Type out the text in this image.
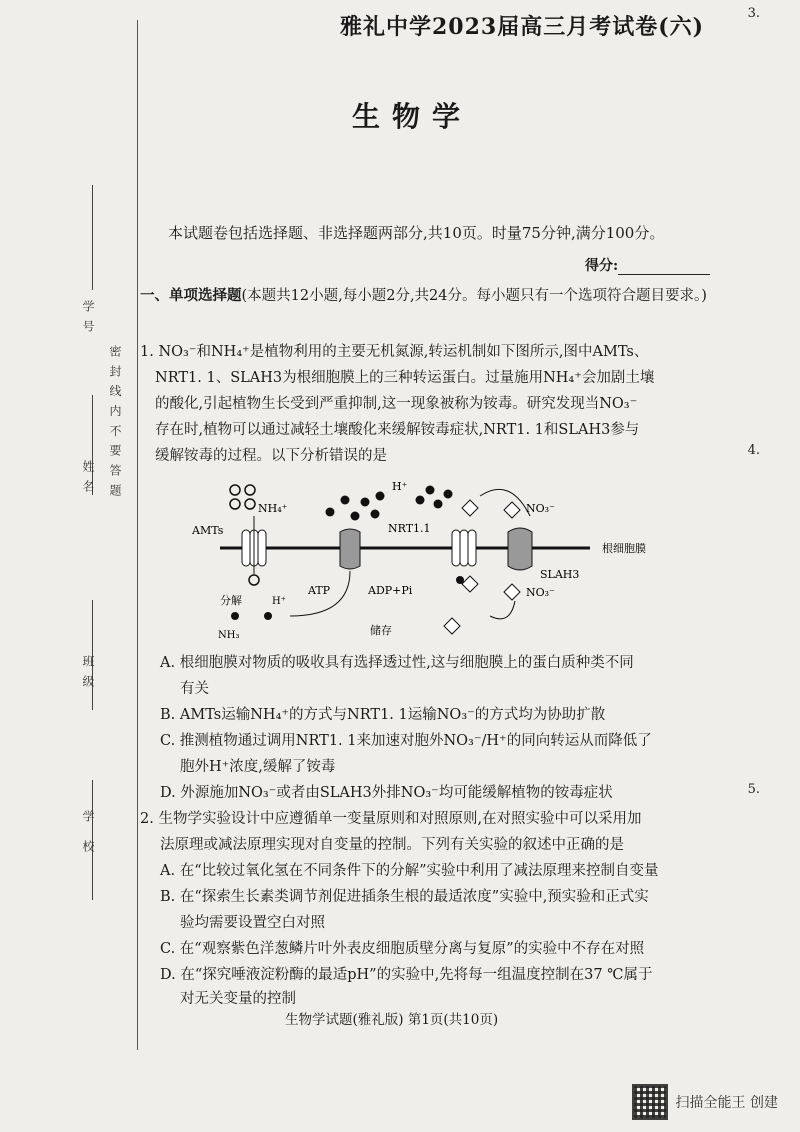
学
号
姓
名
班
级
学
校
密 封 线 内 不 要 答 题
3.
4.
5.
雅礼中学2023届高三月考试卷(六)
生物学
本试题卷包括选择题、非选择题两部分,共10页。时量75分钟,满分100分。
得分:
一、单项选择题(本题共12小题,每小题2分,共24分。每小题只有一个选项符合题目要求。)
1. NO₃⁻和NH₄⁺是植物利用的主要无机氮源,转运机制如下图所示,图中AMTs、
NRT1. 1、SLAH3为根细胞膜上的三种转运蛋白。过量施用NH₄⁺会加剧土壤
的酸化,引起植物生长受到严重抑制,这一现象被称为铵毒。研究发现当NO₃⁻
存在时,植物可以通过减轻土壤酸化来缓解铵毒症状,NRT1. 1和SLAH3参与
缓解铵毒的过程。以下分析错误的是
NH₄⁺
AMTs
分解
NH₃
H⁺
ATP	ADP+Pi
储存
H⁺
NRT1.1
NO₃⁻
NO₃⁻
SLAH3
根细胞膜
A. 根细胞膜对物质的吸收具有选择透过性,这与细胞膜上的蛋白质种类不同
有关
B. AMTs运输NH₄⁺的方式与NRT1. 1运输NO₃⁻的方式均为协助扩散
C. 推测植物通过调用NRT1. 1来加速对胞外NO₃⁻/H⁺的同向转运从而降低了
胞外H⁺浓度,缓解了铵毒
D. 外源施加NO₃⁻或者由SLAH3外排NO₃⁻均可能缓解植物的铵毒症状
2. 生物学实验设计中应遵循单一变量原则和对照原则,在对照实验中可以采用加
法原理或减法原理实现对自变量的控制。下列有关实验的叙述中正确的是
A. 在“比较过氧化氢在不同条件下的分解”实验中利用了减法原理来控制自变量
B. 在“探索生长素类调节剂促进插条生根的最适浓度”实验中,预实验和正式实
验均需要设置空白对照
C. 在“观察紫色洋葱鳞片叶外表皮细胞质壁分离与复原”的实验中不存在对照
D. 在“探究唾液淀粉酶的最适pH”的实验中,先将每一组温度控制在37 ℃属于
对无关变量的控制
生物学试题(雅礼版) 第1页(共10页)
扫描全能王 创建
